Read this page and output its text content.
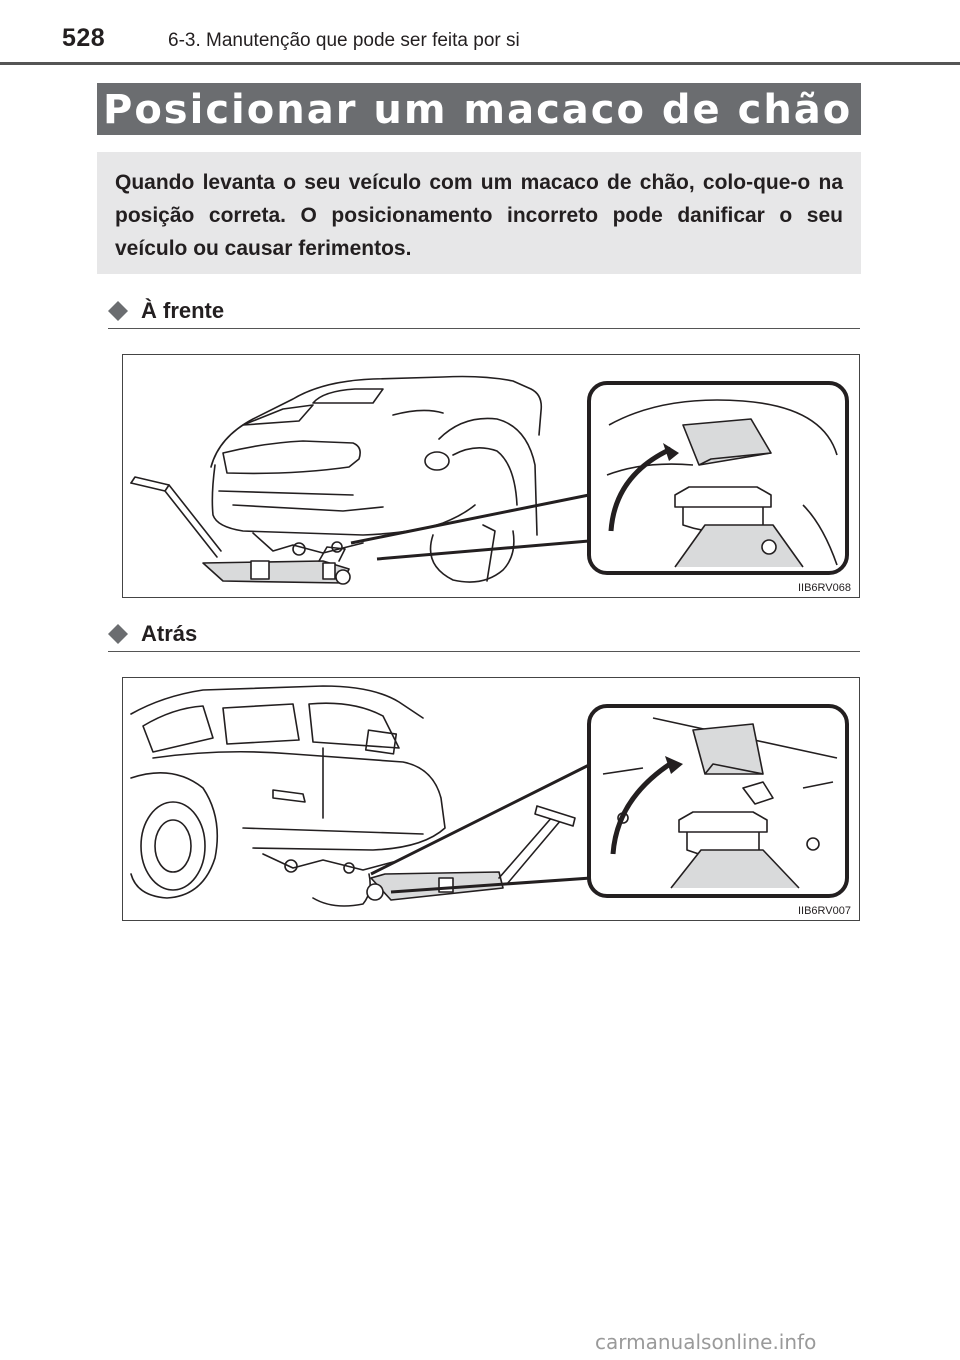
528	6-3. Manutenção que pode ser feita por si
Posicionar um macaco de chão
Quando levanta o seu veículo com um macaco de chão, colo-que-o na posição correta. O posicionamento incorreto pode danificar o seu veículo ou causar ferimentos.
À frente
IIB6RV068
Atrás
IIB6RV007
carmanualsonline.info
